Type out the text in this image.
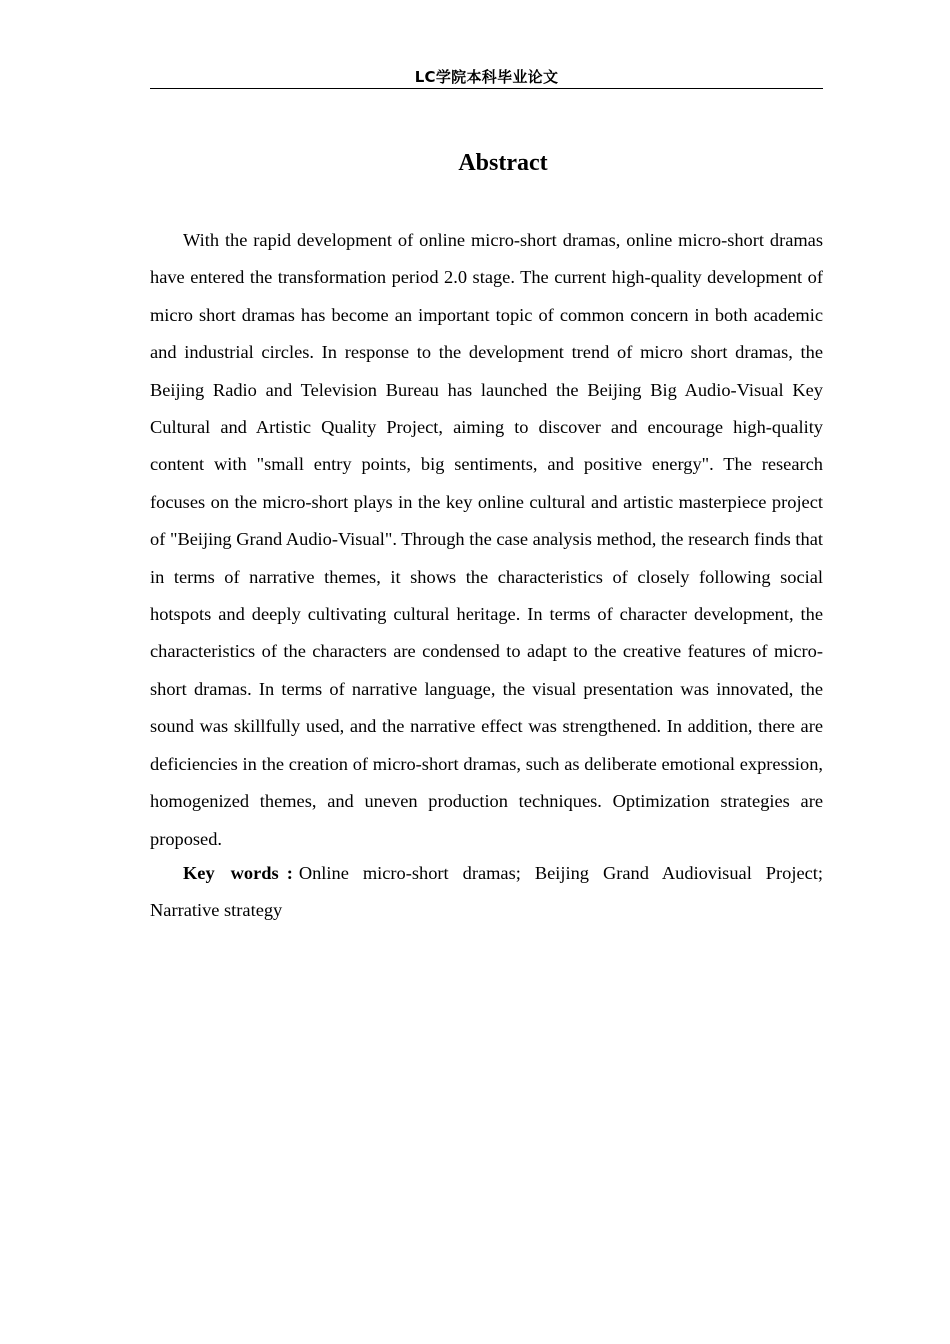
LC学院本科毕业论文
Abstract

With the rapid development of online micro-short dramas, online micro-short dramas have entered the transformation period 2.0 stage. The current high-quality development of micro short dramas has become an important topic of common concern in both academic and industrial circles. In response to the development trend of micro short dramas, the Beijing Radio and Television Bureau has launched the Beijing Big Audio-Visual Key Cultural and Artistic Quality Project, aiming to discover and encourage high-quality content with "small entry points, big sentiments, and positive energy". The research focuses on the micro-short plays in the key online cultural and artistic masterpiece project of "Beijing Grand Audio-Visual". Through the case analysis method, the research finds that in terms of narrative themes, it shows the characteristics of closely following social hotspots and deeply cultivating cultural heritage. In terms of character development, the characteristics of the characters are condensed to adapt to the creative features of micro-short dramas. In terms of narrative language, the visual presentation was innovated, the sound was skillfully used, and the narrative effect was strengthened. In addition, there are deficiencies in the creation of micro-short dramas, such as deliberate emotional expression, homogenized themes, and uneven production techniques. Optimization strategies are proposed.

Key words : Online micro-short dramas; Beijing Grand Audiovisual Project; Narrative strategy
